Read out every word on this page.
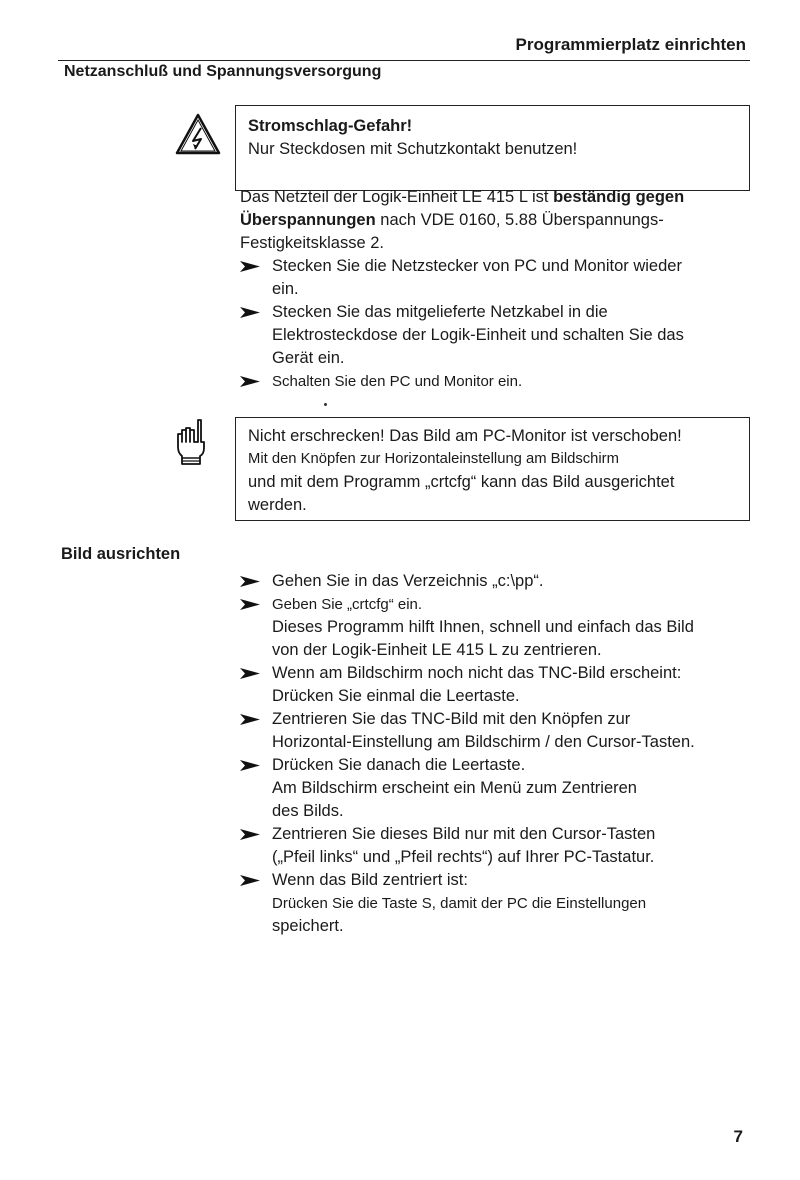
Programmierplatz einrichten
Netzanschluß und Spannungsversorgung
Stromschlag-Gefahr!
Nur Steckdosen mit Schutzkontakt benutzen!
Das Netzteil der Logik-Einheit LE 415 L ist beständig gegen
Überspannungen nach VDE 0160, 5.88 Überspannungs-
Festigkeitsklasse 2.
Stecken Sie die Netzstecker von PC und Monitor wieder
ein.
Stecken Sie das mitgelieferte Netzkabel in die
Elektrosteckdose der Logik-Einheit und schalten Sie das
Gerät ein.
Schalten Sie den PC und Monitor ein.
Nicht erschrecken! Das Bild am PC-Monitor ist verschoben!
Mit den Knöpfen zur Horizontaleinstellung am Bildschirm
und mit dem Programm „crtcfg“ kann das Bild ausgerichtet
werden.
Bild ausrichten
Gehen Sie in das Verzeichnis „c:\pp“.
Geben Sie „crtcfg“ ein.
Dieses Programm hilft Ihnen, schnell und einfach das Bild
von der Logik-Einheit LE 415 L zu zentrieren.
Wenn am Bildschirm noch nicht das TNC-Bild erscheint:
Drücken Sie einmal die Leertaste.
Zentrieren Sie das TNC-Bild mit den Knöpfen zur
Horizontal-Einstellung am Bildschirm / den Cursor-Tasten.
Drücken Sie danach die Leertaste.
Am Bildschirm erscheint ein Menü zum Zentrieren
des Bilds.
Zentrieren Sie dieses Bild nur mit den Cursor-Tasten
(„Pfeil links“ und „Pfeil rechts“) auf Ihrer PC-Tastatur.
Wenn das Bild zentriert ist:
Drücken Sie die Taste S, damit der PC die Einstellungen
speichert.
7
